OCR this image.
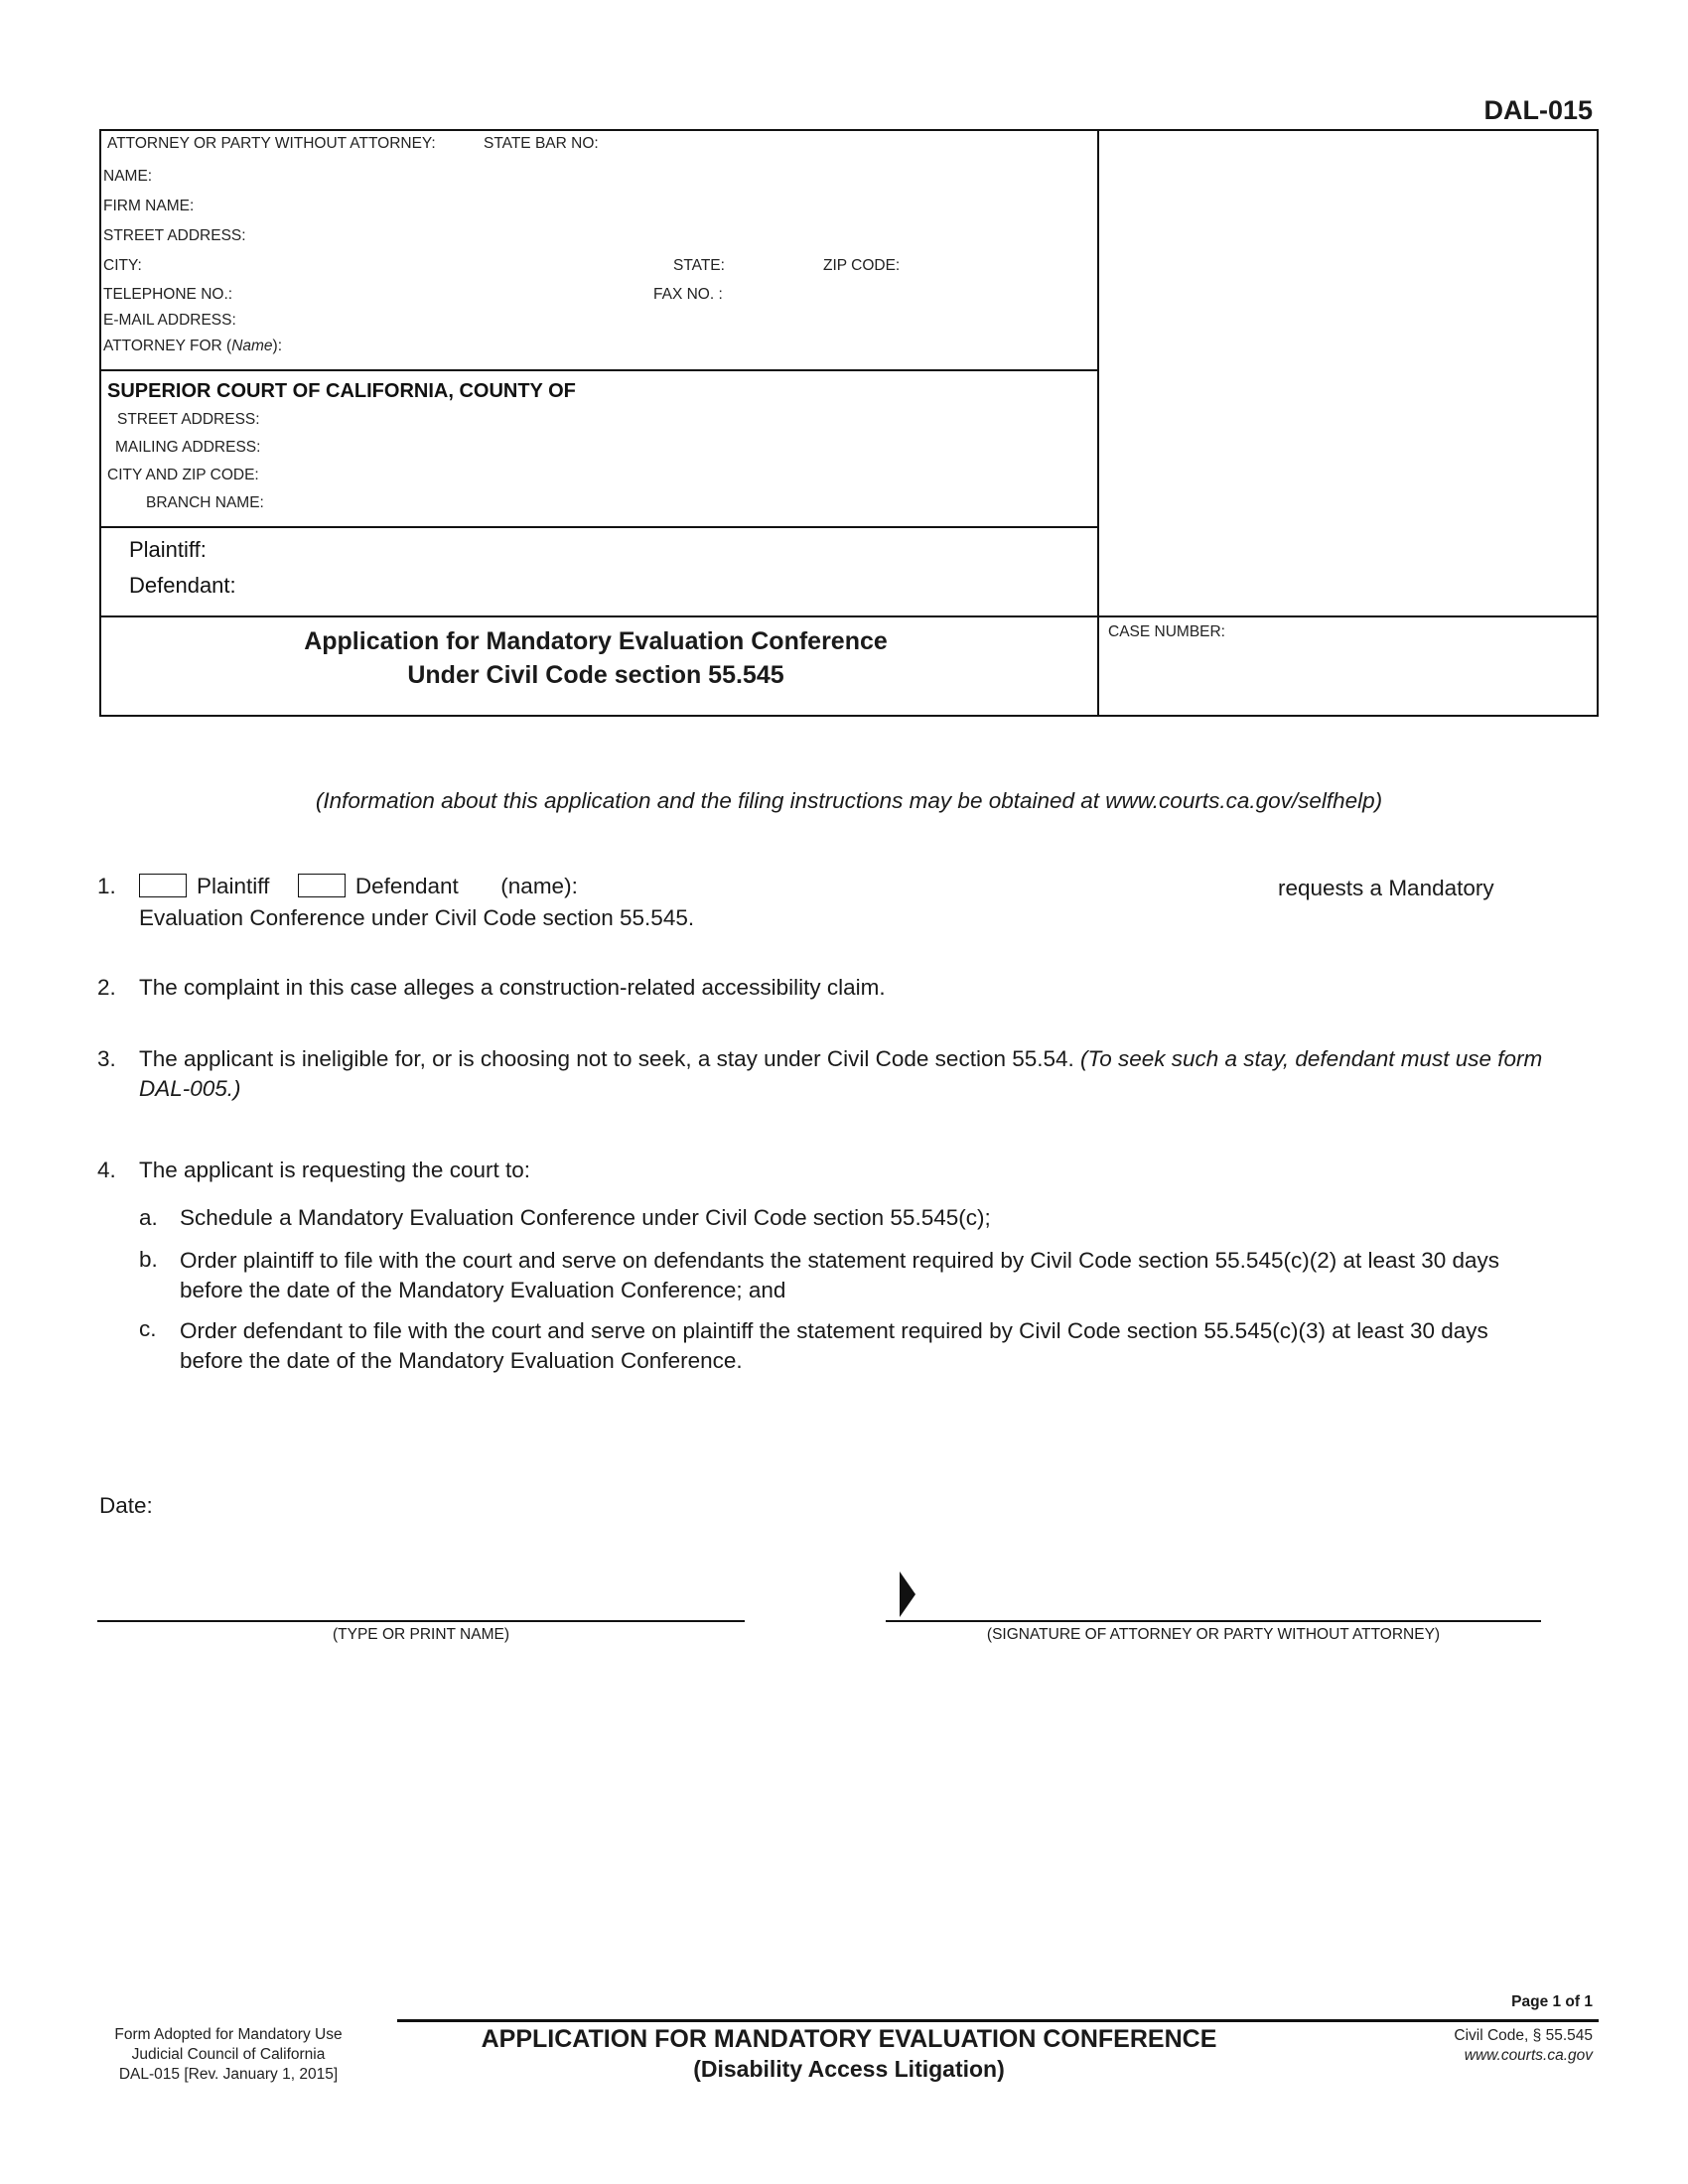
DAL-015
ATTORNEY OR PARTY WITHOUT ATTORNEY:	STATE BAR NO:
NAME:
FIRM NAME:
STREET ADDRESS:
CITY:	STATE:	ZIP CODE:
TELEPHONE NO.:	FAX NO. :
E-MAIL ADDRESS:
ATTORNEY FOR (Name):
SUPERIOR COURT OF CALIFORNIA, COUNTY OF
STREET ADDRESS:
MAILING ADDRESS:
CITY AND ZIP CODE:
BRANCH NAME:
Plaintiff:
Defendant:
Application for Mandatory Evaluation Conference
Under Civil Code section 55.545
CASE NUMBER:
(Information about this application and the filing instructions may be obtained at www.courts.ca.gov/selfhelp)
1.	Plaintiff	Defendant (name):	requests a Mandatory
Evaluation Conference under Civil Code section 55.545.
2. The complaint in this case alleges a construction-related accessibility claim.
3. The applicant is ineligible for, or is choosing not to seek, a stay under Civil Code section 55.54. (To seek such a stay, defendant must use form DAL-005.)
4. The applicant is requesting the court to:
a. Schedule a Mandatory Evaluation Conference under Civil Code section 55.545(c);
b. Order plaintiff to file with the court and serve on defendants the statement required by Civil Code section 55.545(c)(2) at least 30 days before the date of the Mandatory Evaluation Conference; and
c. Order defendant to file with the court and serve on plaintiff the statement required by Civil Code section 55.545(c)(3) at least 30 days before the date of the Mandatory Evaluation Conference.
Date:
(TYPE OR PRINT NAME)	(SIGNATURE OF ATTORNEY OR PARTY WITHOUT ATTORNEY)
Page 1 of 1
Form Adopted for Mandatory Use
Judicial Council of California
DAL-015 [Rev. January 1, 2015]
APPLICATION FOR MANDATORY EVALUATION CONFERENCE
(Disability Access Litigation)
Civil Code, § 55.545
www.courts.ca.gov
